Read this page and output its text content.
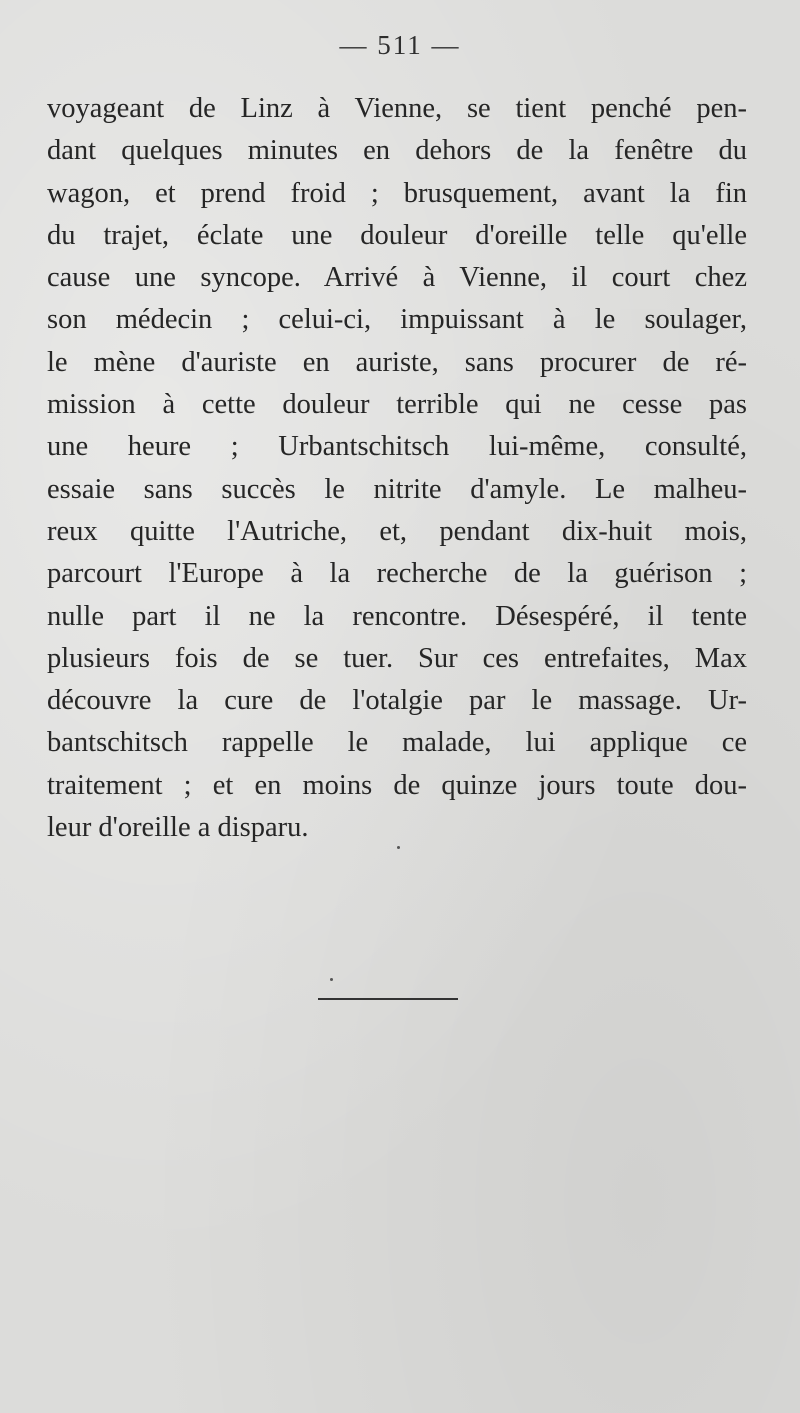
— 511 —
voyageant de Linz à Vienne, se tient penché pen-
dant quelques minutes en dehors de la fenêtre du
wagon, et prend froid ; brusquement, avant la fin
du trajet, éclate une douleur d'oreille telle qu'elle
cause une syncope. Arrivé à Vienne, il court chez
son médecin ; celui-ci, impuissant à le soulager,
le mène d'auriste en auriste, sans procurer de ré-
mission à cette douleur terrible qui ne cesse pas
une heure ; Urbantschitsch lui-même, consulté,
essaie sans succès le nitrite d'amyle. Le malheu-
reux quitte l'Autriche, et, pendant dix-huit mois,
parcourt l'Europe à la recherche de la guérison ;
nulle part il ne la rencontre. Désespéré, il tente
plusieurs fois de se tuer. Sur ces entrefaites, Max
découvre la cure de l'otalgie par le massage. Ur-
bantschitsch rappelle le malade, lui applique ce
traitement ; et en moins de quinze jours toute dou-
leur d'oreille a disparu.
